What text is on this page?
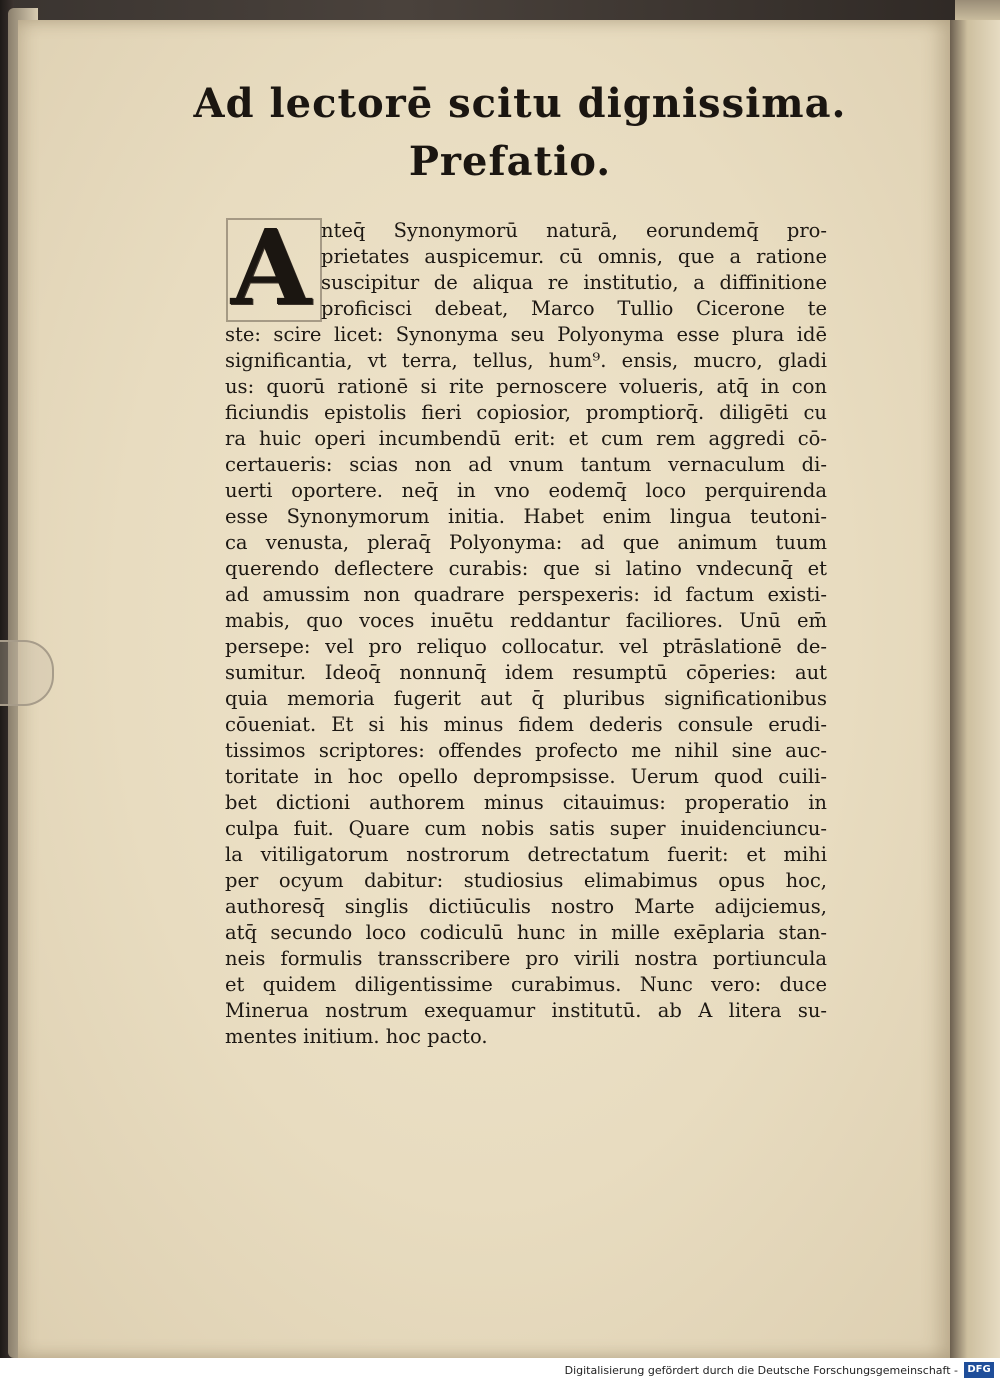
Ad lectorē scitu dignissima.
Prefatio.
A nteq̄ Synonymorū naturā, eorundemq̄ pro-
prietates auspicemur. cū omnis, que a ratione
suscipitur de aliqua re institutio, a diffinitione
proficisci debeat, Marco Tullio Cicerone te
ste: scire licet: Synonyma seu Polyonyma esse plura idē
significantia, vt terra, tellus, hum⁹. ensis, mucro, gladi
us: quorū rationē si rite pernoscere volueris, atq̄ in con
ficiundis epistolis fieri copiosior, promptiorq̄. diligēti cu
ra huic operi incumbendū erit: et cum rem aggredi cō-
certaueris: scias non ad vnum tantum vernaculum di-
uerti oportere. neq̄ in vno eodemq̄ loco perquirenda
esse Synonymorum initia. Habet enim lingua teutoni-
ca venusta, pleraq̄ Polyonyma: ad que animum tuum
querendo deflectere curabis: que si latino vndecunq̄ et
ad amussim non quadrare perspexeris: id factum existi-
mabis, quo voces inuētu reddantur faciliores. Unū em̄
persepe: vel pro reliquo collocatur. vel ptrāslationē de-
sumitur. Ideoq̄ nonnunq̄ idem resumptū cōperies: aut
quia memoria fugerit aut q̄ pluribus significationibus
cōueniat. Et si his minus fidem dederis consule erudi-
tissimos scriptores: offendes profecto me nihil sine auc-
toritate in hoc opello deprompsisse. Uerum quod cuili-
bet dictioni authorem minus citauimus: properatio in
culpa fuit. Quare cum nobis satis super inuidenciuncu-
la vitiligatorum nostrorum detrectatum fuerit: et mihi
per ocyum dabitur: studiosius elimabimus opus hoc,
authoresq̄ singlis dictiūculis nostro Marte adijciemus,
atq̄ secundo loco codiculū hunc in mille exēplaria stan-
neis formulis transscribere pro virili nostra portiuncula
et quidem diligentissime curabimus. Nunc vero: duce
Minerua nostrum exequamur institutū. ab A litera su-
mentes initium. hoc pacto.
Digitalisierung gefördert durch die Deutsche Forschungsgemeinschaft - DFG
